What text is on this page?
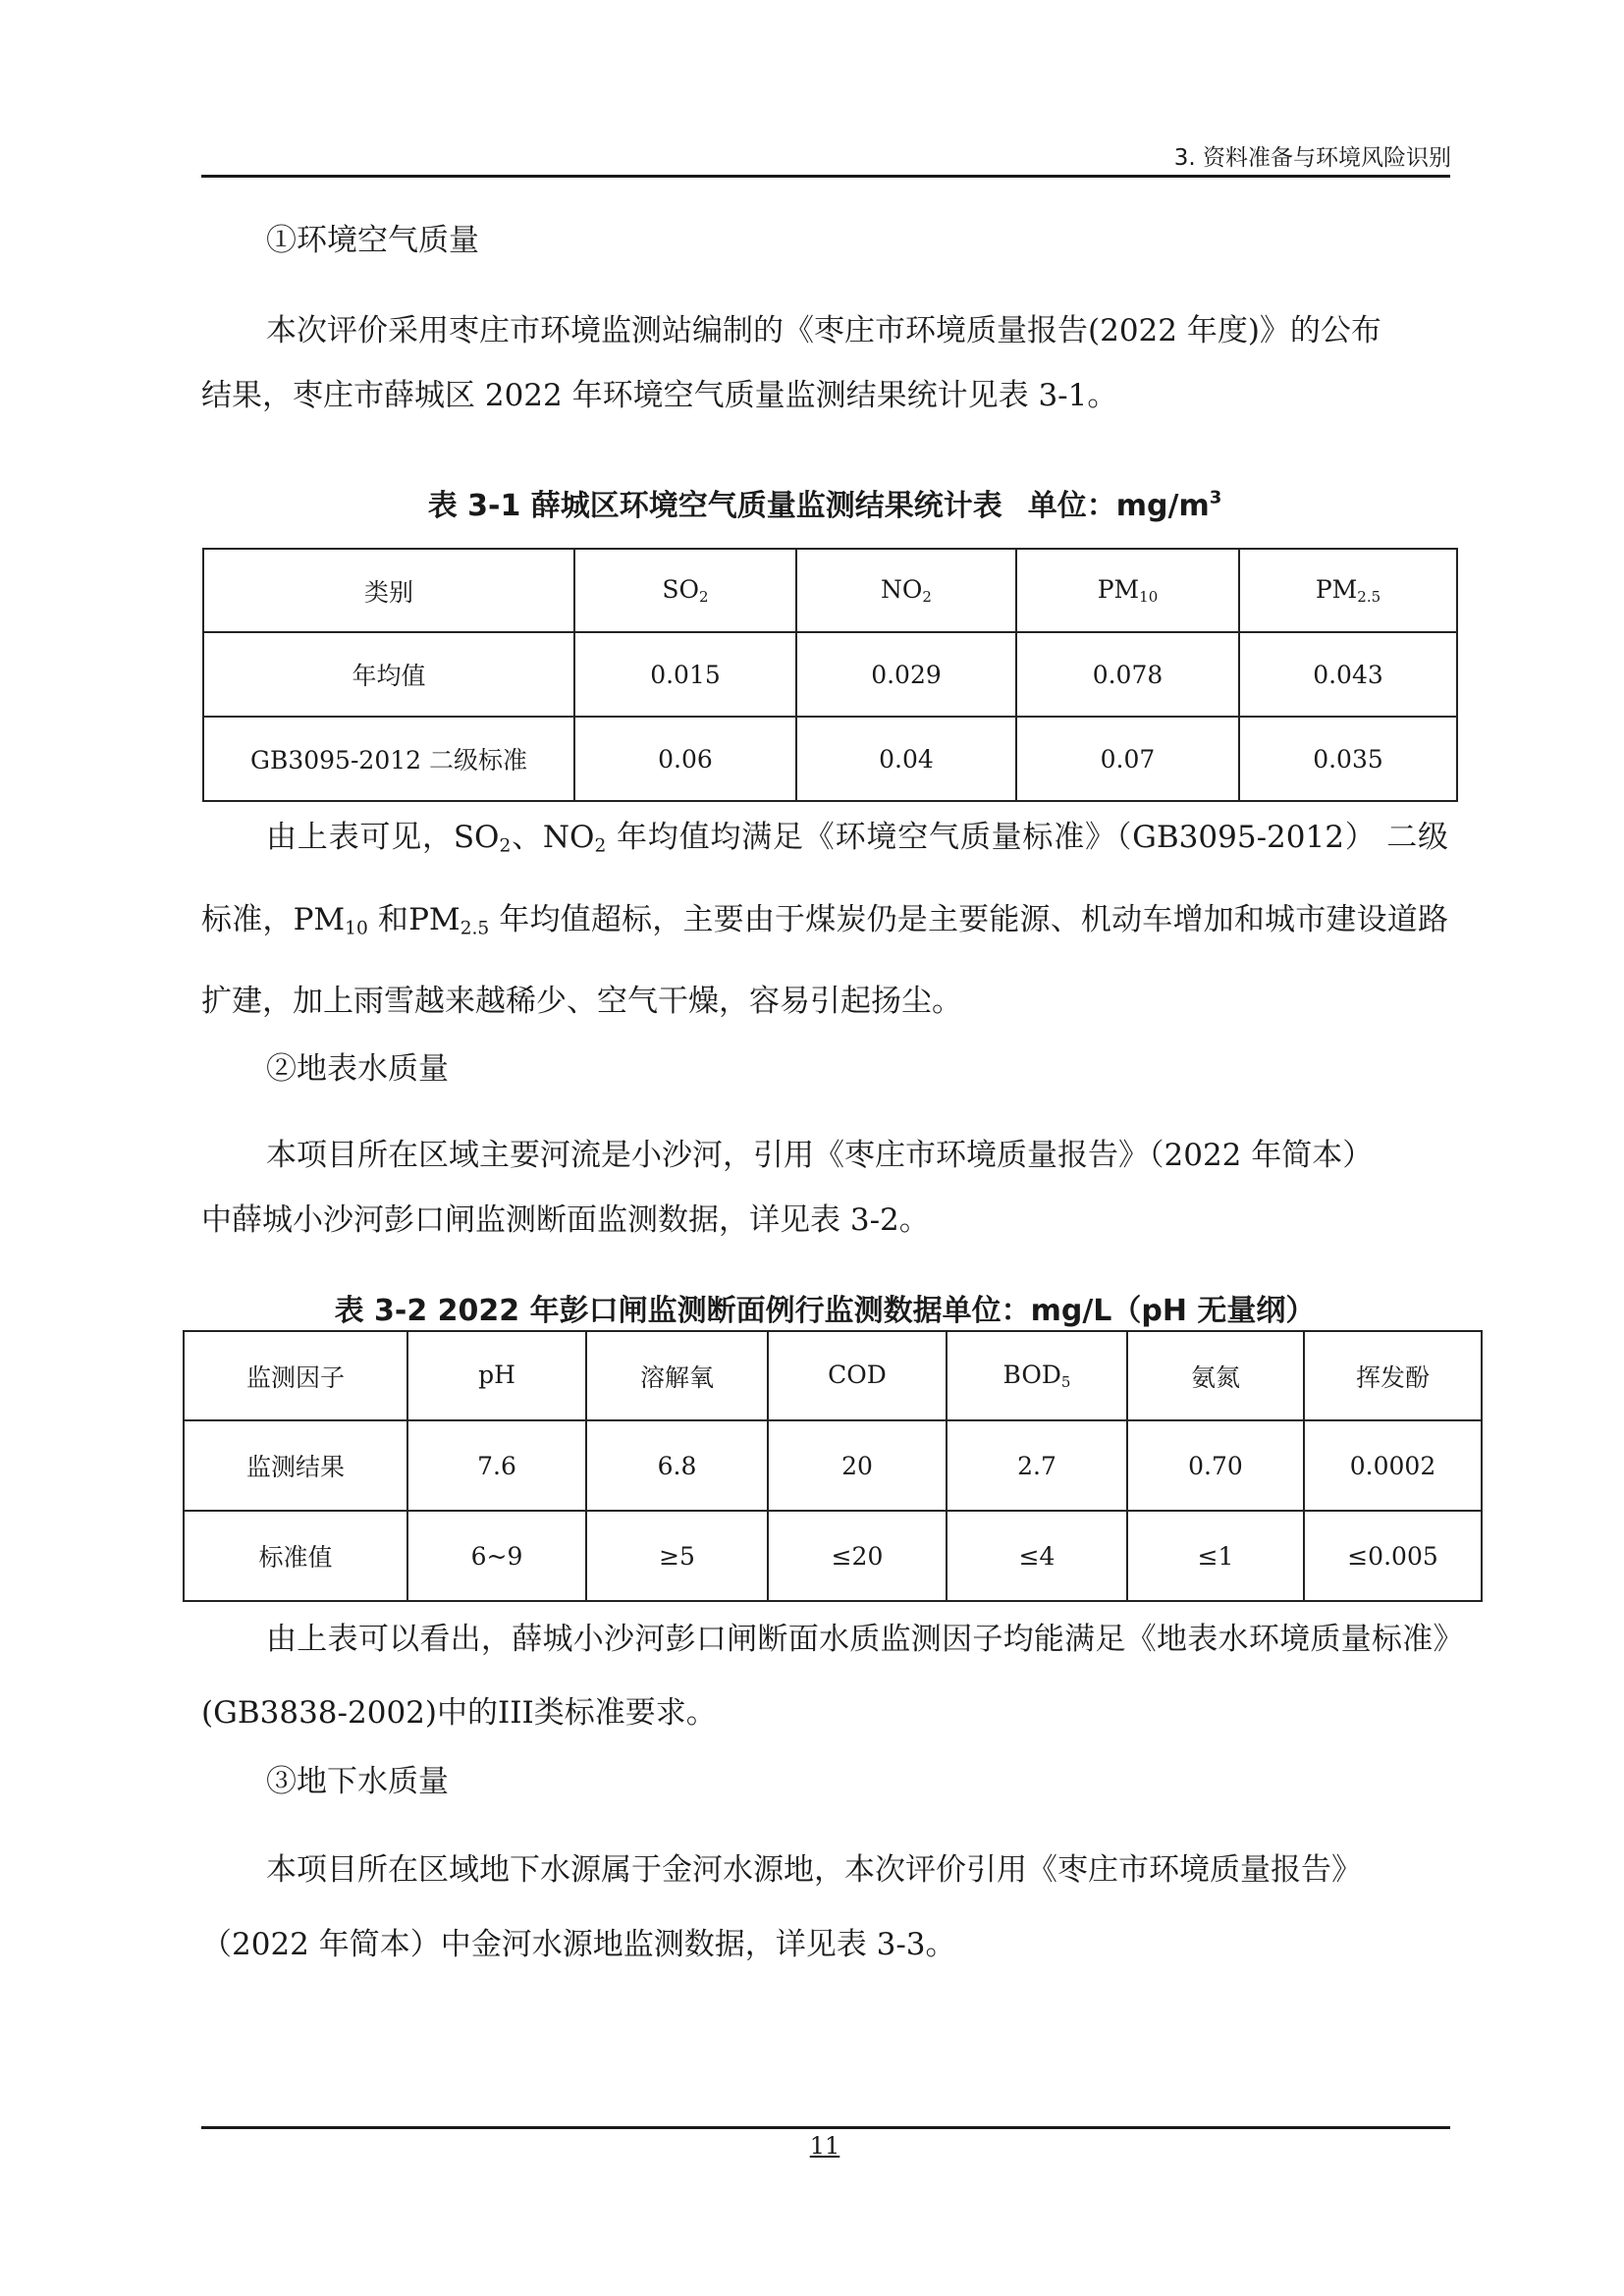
3. 资料准备与环境风险识别

①环境空气质量

本次评价采用枣庄市环境监测站编制的《枣庄市环境质量报告(2022 年度)》的公布

结果，枣庄市薛城区 2022 年环境空气质量监测结果统计见表 3-1。

表 3-1 薛城区环境空气质量监测结果统计表 单位：$mg/m^3$
类别	$SO_2$	$NO_2$	$PM_{10}$	$PM_{2.5}$
年均值	0.015	0.029	0.078	0.043
GB3095-2012 二级标准	0.06	0.04	0.07	0.035

由上表可见，$SO_2$、$NO_2$ 年均值均满足《环境空气质量标准》（GB3095-2012） 二级标准，$PM_{10}$ 和$PM_{2.5}$ 年均值超标，主要由于煤炭仍是主要能源、机动车增加和城市建设道路扩建，加上雨雪越来越稀少、空气干燥，容易引起扬尘。

②地表水质量

本项目所在区域主要河流是小沙河，引用《枣庄市环境质量报告》（2022 年简本）

中薛城小沙河彭口闸监测断面监测数据，详见表 3-2。

表 3-2 2022 年彭口闸监测断面例行监测数据单位：mg/L（pH 无量纲）
监测因子	pH	溶解氧	COD	$BOD_5$	氨氮	挥发酚
监测结果	7.6	6.8	20	2.7	0.70	0.0002
标准值	6~9	≥5	≤20	≤4	≤1	≤0.005

由上表可以看出，薛城小沙河彭口闸断面水质监测因子均能满足《地表水环境质量标准》(GB3838-2002)中的III类标准要求。

③地下水质量

本项目所在区域地下水源属于金河水源地，本次评价引用《枣庄市环境质量报告》

（2022 年简本）中金河水源地监测数据，详见表 3-3。

11
